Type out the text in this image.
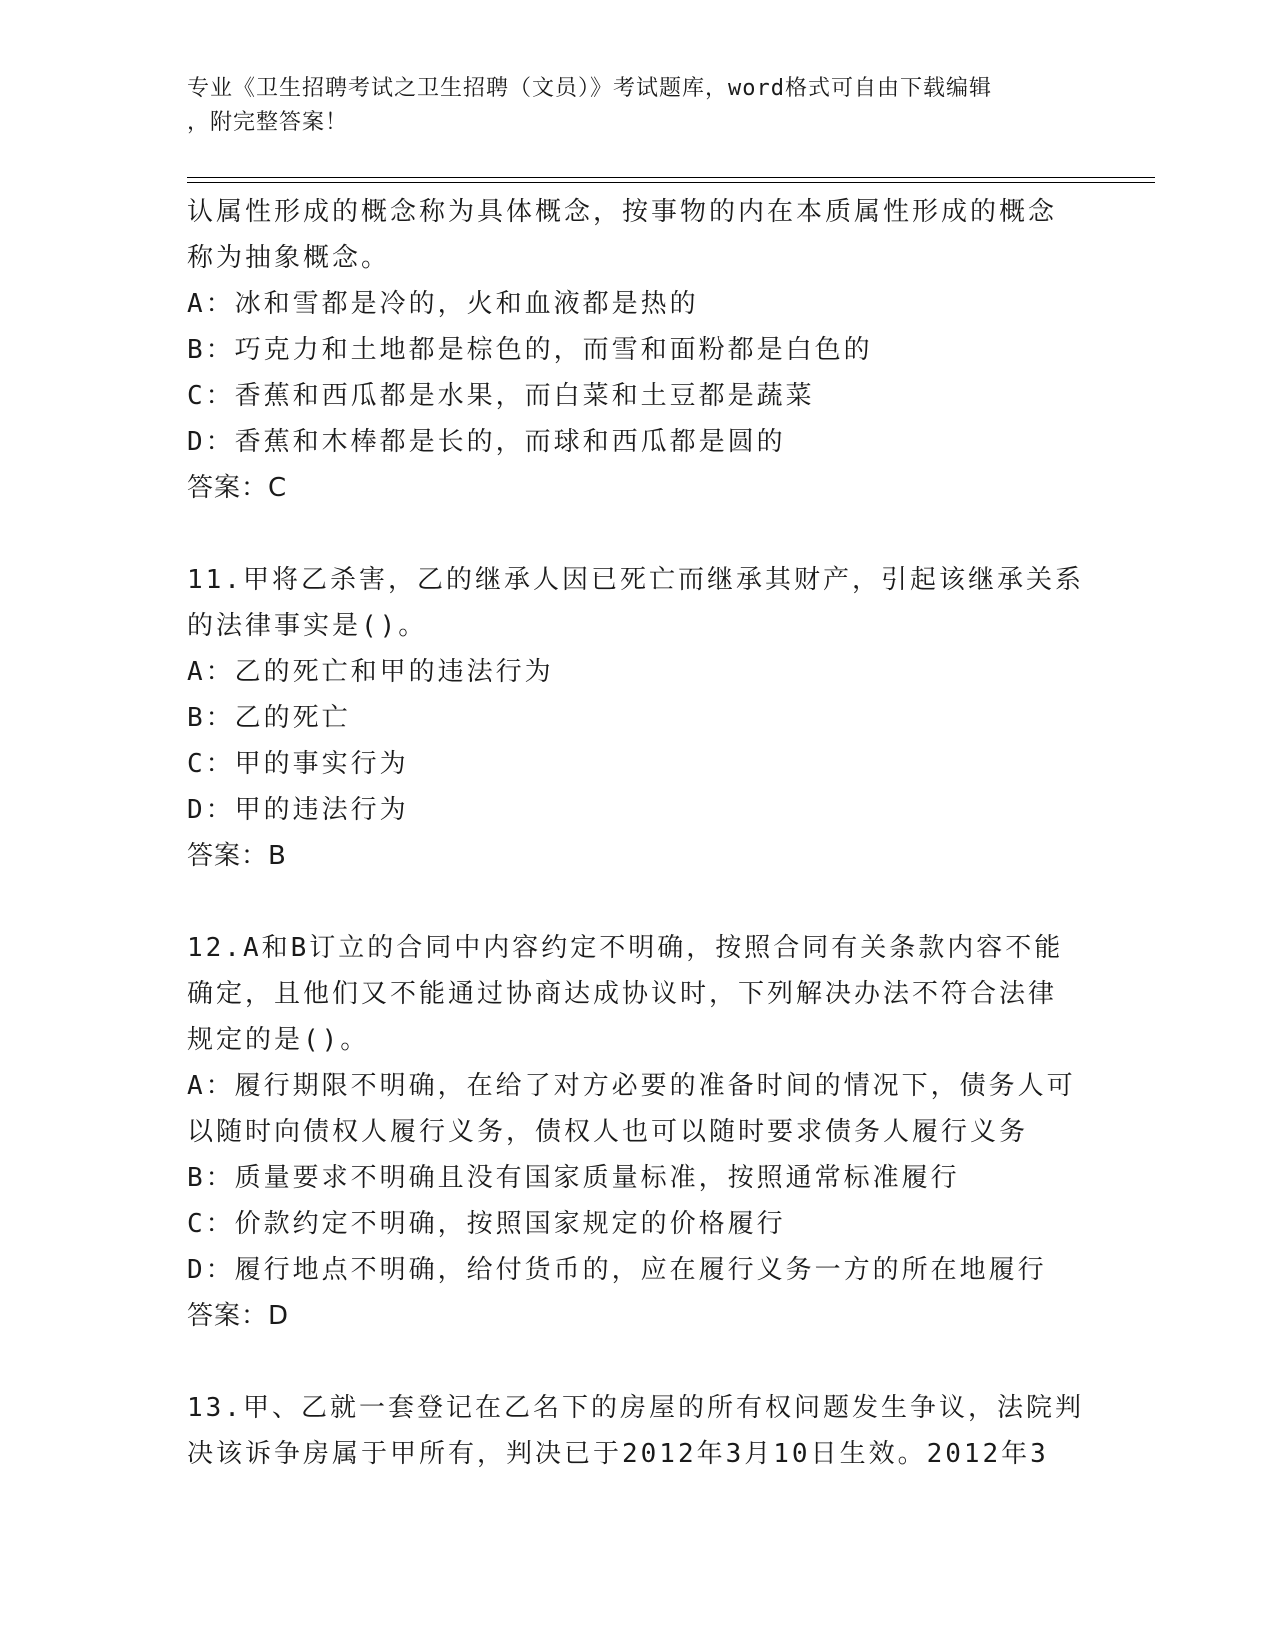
专业《卫生招聘考试之卫生招聘（文员）》考试题库，word格式可自由下载编辑
，附完整答案！
认属性形成的概念称为具体概念，按事物的内在本质属性形成的概念
称为抽象概念。
A：冰和雪都是冷的，火和血液都是热的
B：巧克力和土地都是棕色的，而雪和面粉都是白色的
C：香蕉和西瓜都是水果，而白菜和土豆都是蔬菜
D：香蕉和木棒都是长的，而球和西瓜都是圆的
答案：C
11.甲将乙杀害，乙的继承人因已死亡而继承其财产，引起该继承关系
的法律事实是()。
A：乙的死亡和甲的违法行为
B：乙的死亡
C：甲的事实行为
D：甲的违法行为
答案：B
12.A和B订立的合同中内容约定不明确，按照合同有关条款内容不能
确定，且他们又不能通过协商达成协议时，下列解决办法不符合法律
规定的是()。
A：履行期限不明确，在给了对方必要的准备时间的情况下，债务人可
以随时向债权人履行义务，债权人也可以随时要求债务人履行义务
B：质量要求不明确且没有国家质量标准，按照通常标准履行
C：价款约定不明确，按照国家规定的价格履行
D：履行地点不明确，给付货币的，应在履行义务一方的所在地履行
答案：D
13.甲、乙就一套登记在乙名下的房屋的所有权问题发生争议，法院判
决该诉争房属于甲所有，判决已于2012年3月10日生效。2012年3
